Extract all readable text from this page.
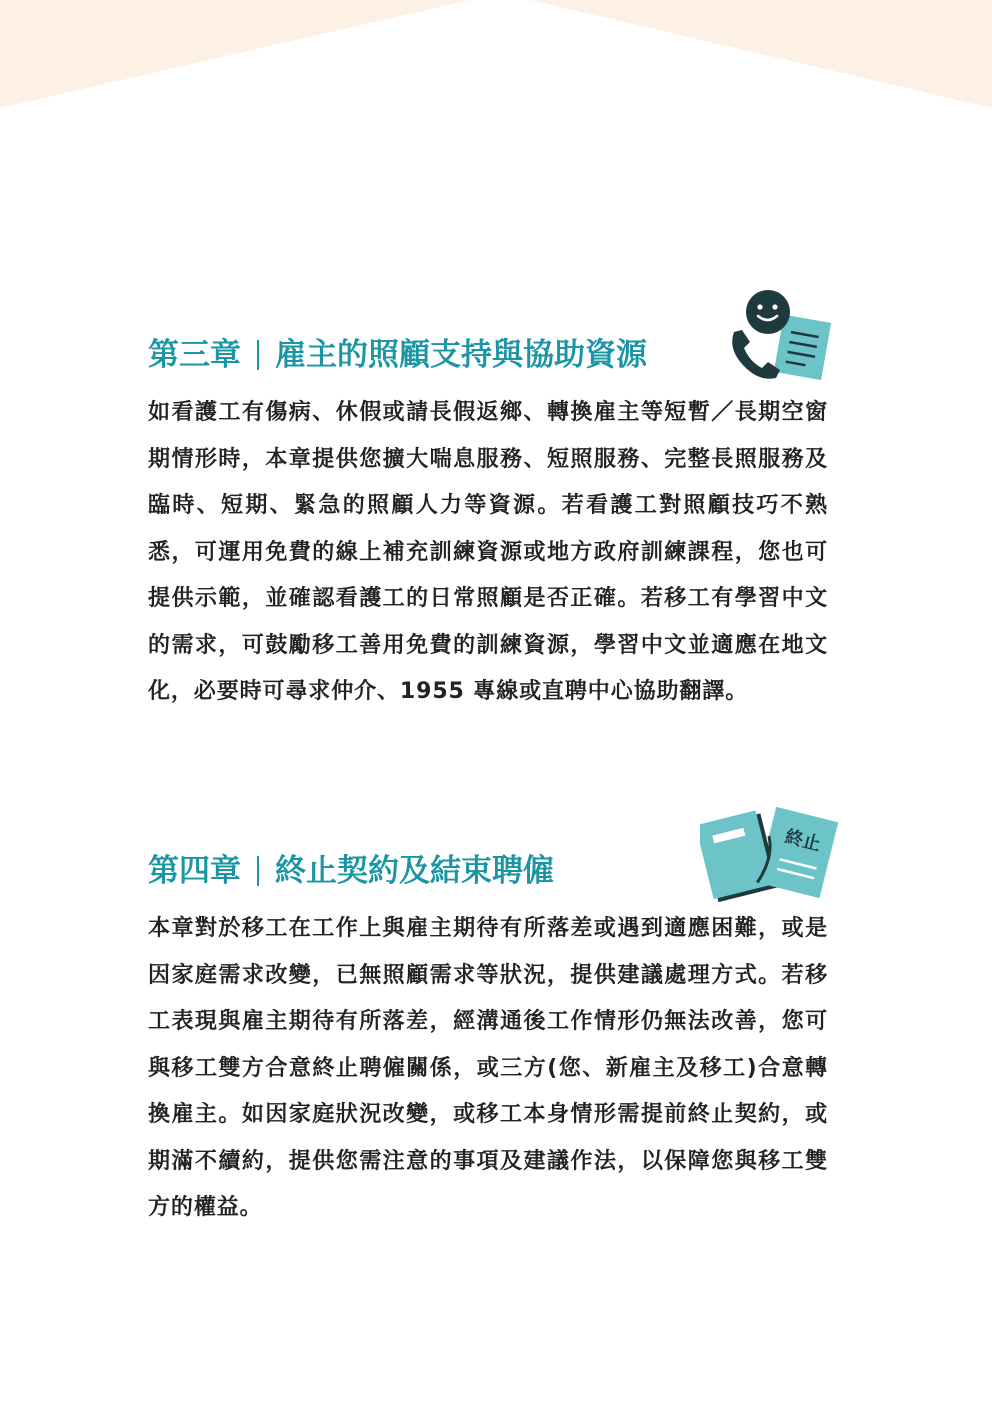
終止
第三章 雇主的照顧支持與協助資源
如看護工有傷病、休假或請長假返鄉、轉換雇主等短暫／長期空窗期情形時，本章提供您擴大喘息服務、短照服務、完整長照服務及臨時、短期、緊急的照顧人力等資源。若看護工對照顧技巧不熟悉，可運用免費的線上補充訓練資源或地方政府訓練課程，您也可提供示範，並確認看護工的日常照顧是否正確。若移工有學習中文的需求，可鼓勵移工善用免費的訓練資源，學習中文並適應在地文化，必要時可尋求仲介、1955 專線或直聘中心協助翻譯。
第四章 終止契約及結束聘僱
本章對於移工在工作上與雇主期待有所落差或遇到適應困難，或是因家庭需求改變，已無照顧需求等狀況，提供建議處理方式。若移工表現與雇主期待有所落差，經溝通後工作情形仍無法改善，您可與移工雙方合意終止聘僱關係，或三方(您、新雇主及移工)合意轉換雇主。如因家庭狀況改變，或移工本身情形需提前終止契約，或期滿不續約，提供您需注意的事項及建議作法，以保障您與移工雙方的權益。
